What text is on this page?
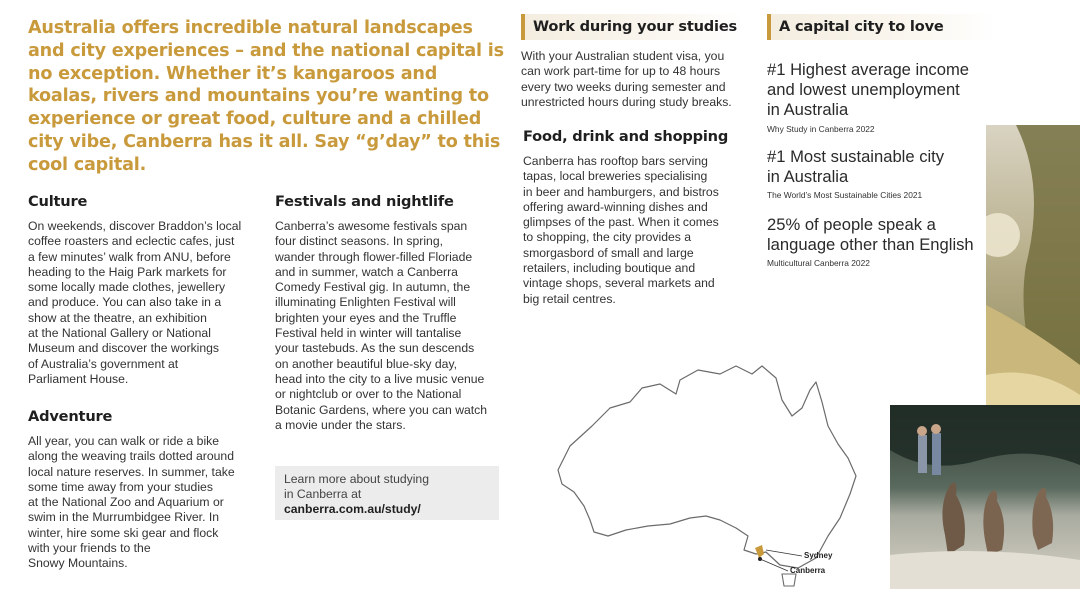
Australia offers incredible natural landscapes and city experiences – and the national capital is no exception. Whether it’s kangaroos and koalas, rivers and mountains you’re wanting to experience or great food, culture and a chilled city vibe, Canberra has it all. Say “g’day” to this cool capital.

Culture

On weekends, discover Braddon’s local
coffee roasters and eclectic cafes, just
a few minutes’ walk from ANU, before
heading to the Haig Park markets for
some locally made clothes, jewellery
and produce. You can also take in a
show at the theatre, an exhibition
at the National Gallery or National
Museum and discover the workings
of Australia’s government at
Parliament House.

Adventure

All year, you can walk or ride a bike
along the weaving trails dotted around
local nature reserves. In summer, take
some time away from your studies
at the National Zoo and Aquarium or
swim in the Murrumbidgee River. In
winter, hire some ski gear and flock
with your friends to the
Snowy Mountains.

Festivals and nightlife

Canberra’s awesome festivals span
four distinct seasons. In spring,
wander through flower-filled Floriade
and in summer, watch a Canberra
Comedy Festival gig. In autumn, the
illuminating Enlighten Festival will
brighten your eyes and the Truffle
Festival held in winter will tantalise
your tastebuds. As the sun descends
on another beautiful blue-sky day,
head into the city to a live music venue
or nightclub or over to the National
Botanic Gardens, where you can watch
a movie under the stars.

Learn more about studying
in Canberra at

canberra.com.au/study/

Work during your studies

With your Australian student visa, you
can work part-time for up to 48 hours
every two weeks during semester and
unrestricted hours during study breaks.

Food, drink and shopping

Canberra has rooftop bars serving
tapas, local breweries specialising
in beer and hamburgers, and bistros
offering award-winning dishes and
glimpses of the past. When it comes
to shopping, the city provides a
smorgasbord of small and large
retailers, including boutique and
vintage shops, several markets and
big retail centres.

Sydney
Canberra
A capital city to love

#1 Highest average income
and lowest unemployment
in Australia

Why Study in Canberra 2022

#1 Most sustainable city
in Australia

The World’s Most Sustainable Cities 2021

25% of people speak a
language other than English

Multicultural Canberra 2022
